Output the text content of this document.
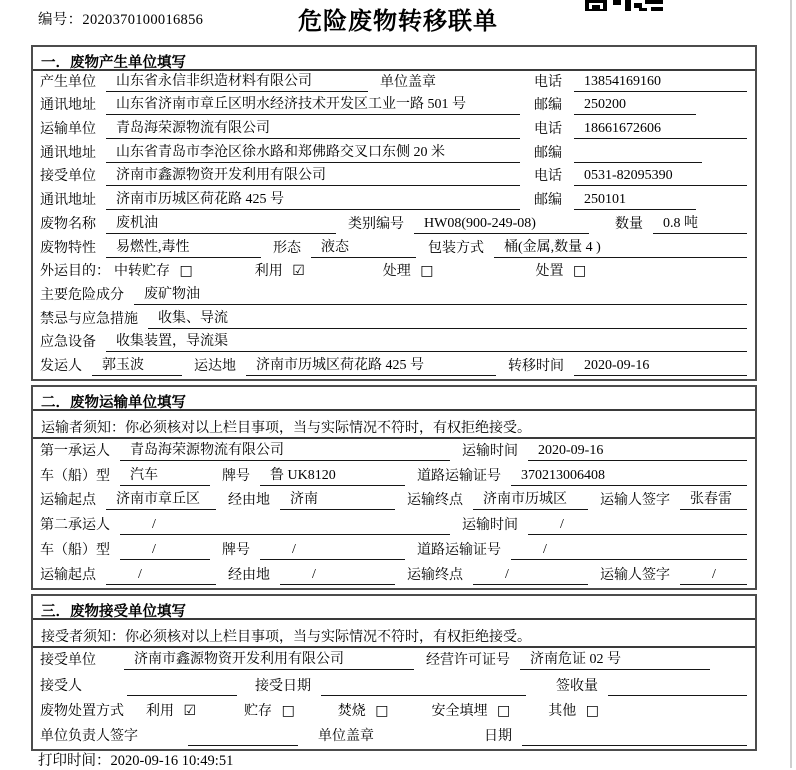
编号：2020370100016856	危险废物转移联单
一．废物产生单位填写
产生单位	山东省永信非织造材料有限公司	单位盖章	电话	13854169160
通讯地址	山东省济南市章丘区明水经济技术开发区工业一路 501 号	邮编	250200
运输单位	青岛海荣源物流有限公司	电话	18661672606
通讯地址	山东省青岛市李沧区徐水路和郑佛路交叉口东侧 20 米	邮编
接受单位	济南市鑫源物资开发利用有限公司	电话	0531-82095390
通讯地址	济南市历城区荷花路 425 号	邮编	250101
废物名称	废机油	类别编号	HW08(900-249-08)	数量	0.8 吨
废物特性	易燃性,毒性	形态	液态	包装方式	桶(金属,数量 4 )
外运目的： 中转贮存 □	利用 ☑	处理 □	处置 □
主要危险成分	废矿物油
禁忌与应急措施	收集、导流
应急设备	收集装置，导流渠
发运人	郭玉波	运达地	济南市历城区荷花路 425 号	转移时间	2020-09-16
二．废物运输单位填写
运输者须知：你必须核对以上栏目事项，当与实际情况不符时，有权拒绝接受。
第一承运人	青岛海荣源物流有限公司	运输时间	2020-09-16
车（船）型	汽车	牌号	鲁 UK8120	道路运输证号	370213006408
运输起点	济南市章丘区	经由地	济南	运输终点	济南市历城区	运输人签字	张春雷
第二承运人	/	运输时间	/
车（船）型	/	牌号	/	道路运输证号	/
运输起点	/	经由地	/	运输终点	/	运输人签字	/
三．废物接受单位填写
接受者须知：你必须核对以上栏目事项，当与实际情况不符时，有权拒绝接受。
接受单位	济南市鑫源物资开发利用有限公司	经营许可证号	济南危证 02 号
接受人	接受日期	签收量
废物处置方式 利用 ☑	贮存 □	焚烧 □	安全填埋 □	其他 □
单位负责人签字	单位盖章	日期
打印时间：2020-09-16 10:49:51
